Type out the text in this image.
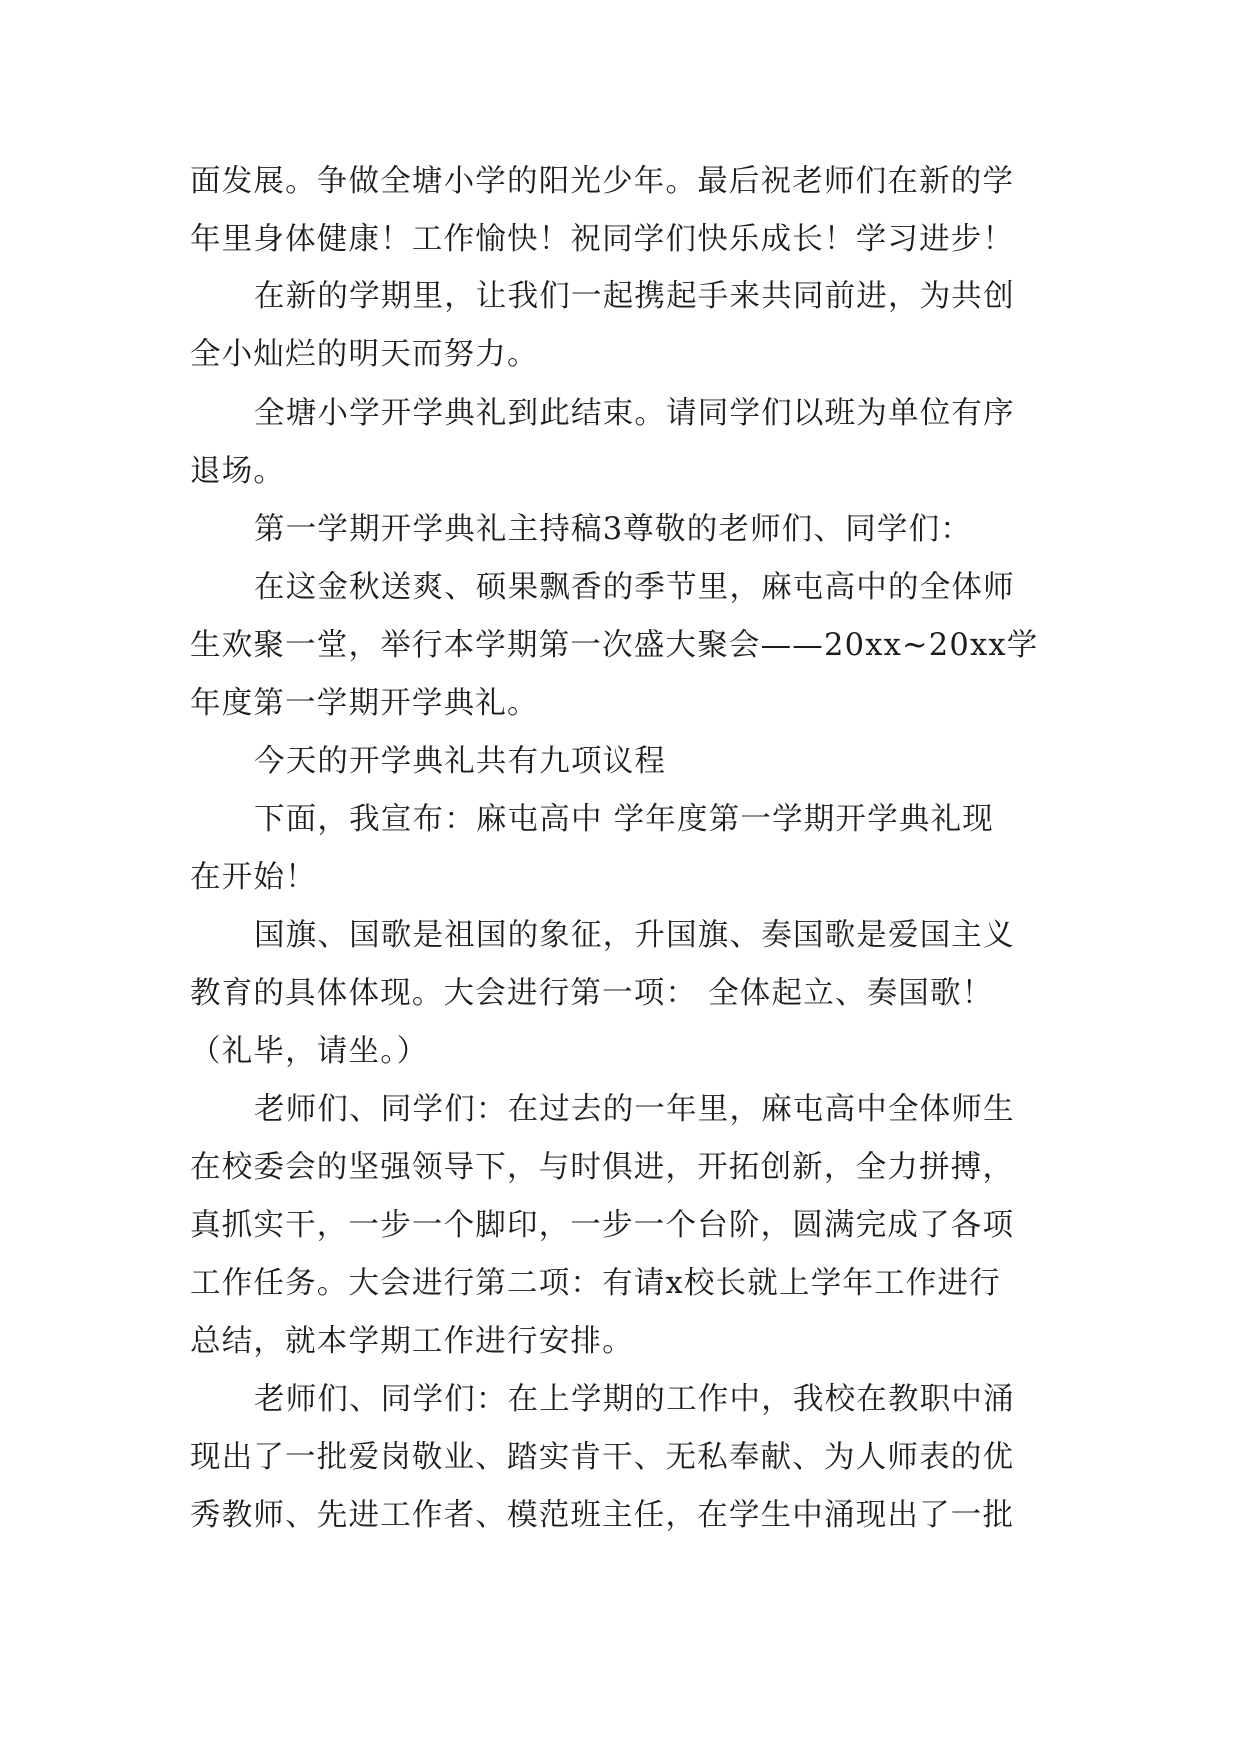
面发展。争做全塘小学的阳光少年。最后祝老师们在新的学
年里身体健康！工作愉快！祝同学们快乐成长！学习进步！
在新的学期里，让我们一起携起手来共同前进，为共创
全小灿烂的明天而努力。
全塘小学开学典礼到此结束。请同学们以班为单位有序
退场。
第一学期开学典礼主持稿3尊敬的老师们、同学们：
在这金秋送爽、硕果飘香的季节里，麻屯高中的全体师
生欢聚一堂，举行本学期第一次盛大聚会——20xx~20xx学
年度第一学期开学典礼。
今天的开学典礼共有九项议程
下面，我宣布：麻屯高中 学年度第一学期开学典礼现
在开始！
国旗、国歌是祖国的象征，升国旗、奏国歌是爱国主义
教育的具体体现。大会进行第一项： 全体起立、奏国歌！
（礼毕，请坐。）
老师们、同学们：在过去的一年里，麻屯高中全体师生
在校委会的坚强领导下，与时俱进，开拓创新，全力拼搏，
真抓实干，一步一个脚印，一步一个台阶，圆满完成了各项
工作任务。大会进行第二项：有请x校长就上学年工作进行
总结，就本学期工作进行安排。
老师们、同学们：在上学期的工作中，我校在教职中涌
现出了一批爱岗敬业、踏实肯干、无私奉献、为人师表的优
秀教师、先进工作者、模范班主任，在学生中涌现出了一批
